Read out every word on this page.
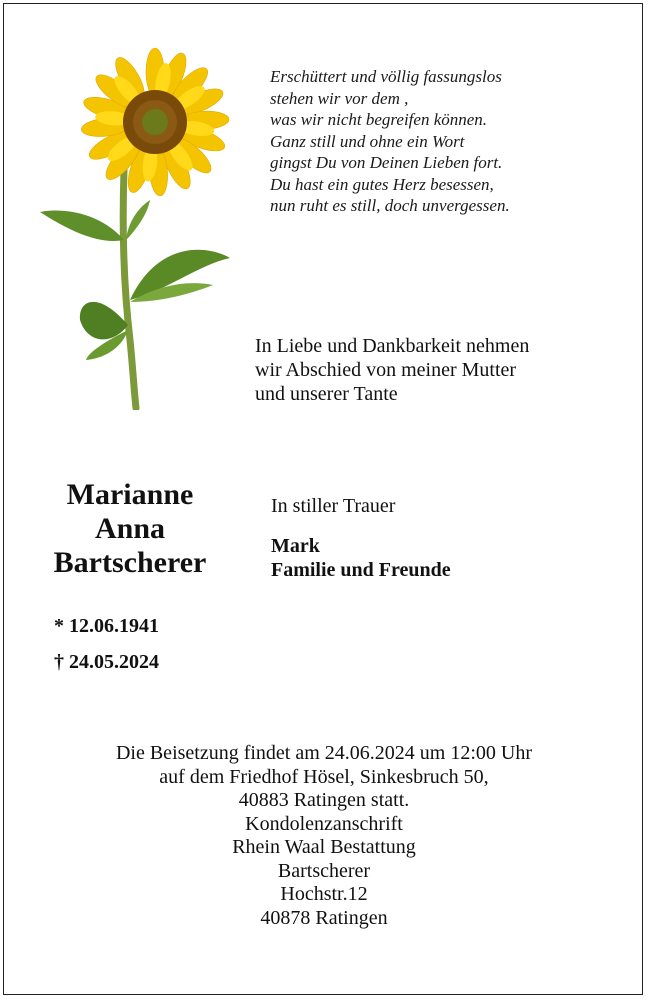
Erschüttert und völlig fassungslos
stehen wir vor dem ,
was wir nicht begreifen können.
Ganz still und ohne ein Wort
gingst Du von Deinen Lieben fort.
Du hast ein gutes Herz besessen,
nun ruht es still, doch unvergessen.
In Liebe und Dankbarkeit nehmen
wir Abschied von meiner Mutter
und unserer Tante
Marianne
Anna
Bartscherer
* 12.06.1941
† 24.05.2024
In stiller Trauer
Mark
Familie und Freunde
Die Beisetzung findet am 24.06.2024 um 12:00 Uhr
auf dem Friedhof Hösel, Sinkesbruch 50,
40883 Ratingen statt.
Kondolenzanschrift
Rhein Waal Bestattung
Bartscherer
Hochstr.12
40878 Ratingen
